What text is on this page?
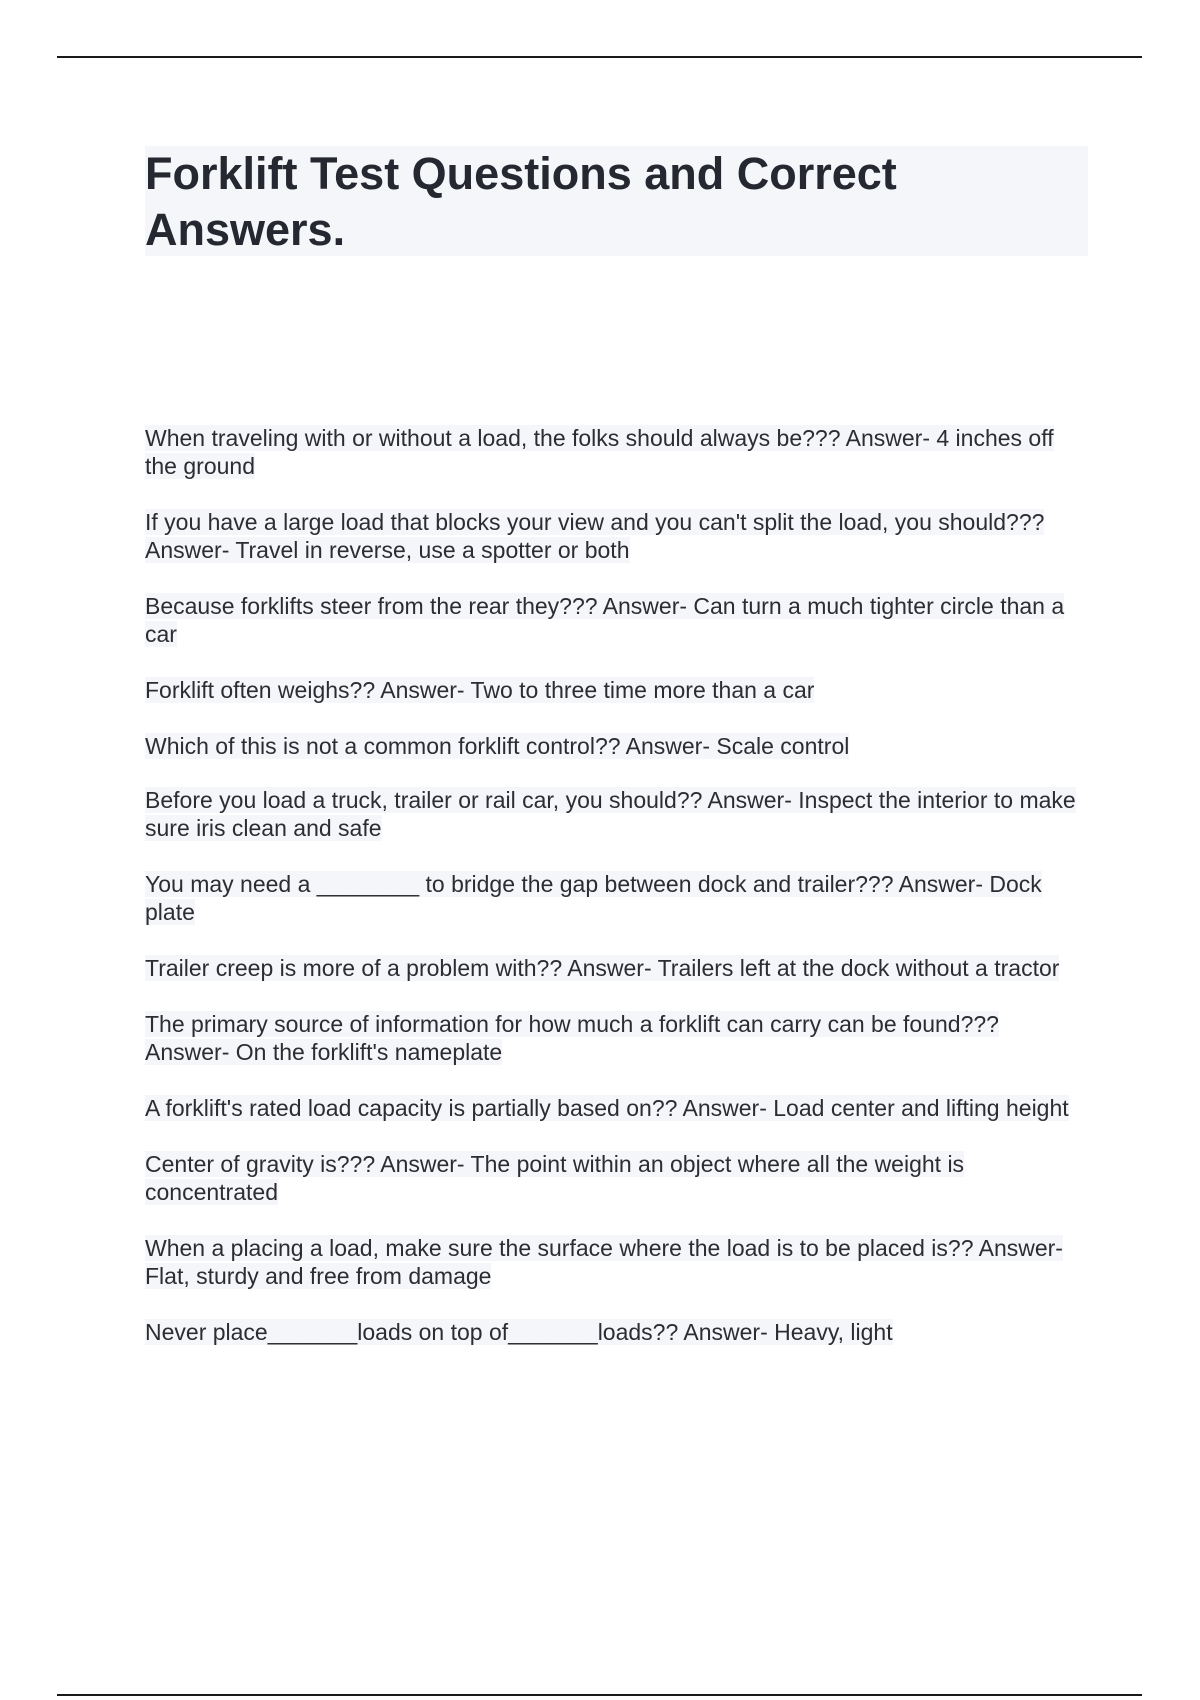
Forklift Test Questions and Correct Answers.

When traveling with or without a load, the folks should always be??? Answer- 4 inches off the ground

If you have a large load that blocks your view and you can't split the load, you should??? Answer- Travel in reverse, use a spotter or both

Because forklifts steer from the rear they??? Answer- Can turn a much tighter circle than a car

Forklift often weighs?? Answer- Two to three time more than a car

Which of this is not a common forklift control?? Answer- Scale control

Before you load a truck, trailer or rail car, you should?? Answer- Inspect the interior to make sure iris clean and safe

You may need a ________ to bridge the gap between dock and trailer??? Answer- Dock plate

Trailer creep is more of a problem with?? Answer- Trailers left at the dock without a tractor

The primary source of information for how much a forklift can carry can be found??? Answer- On the forklift's nameplate

A forklift's rated load capacity is partially based on?? Answer- Load center and lifting height

Center of gravity is??? Answer- The point within an object where all the weight is concentrated

When a placing a load, make sure the surface where the load is to be placed is?? Answer- Flat, sturdy and free from damage

Never place_______loads on top of_______loads?? Answer- Heavy, light
